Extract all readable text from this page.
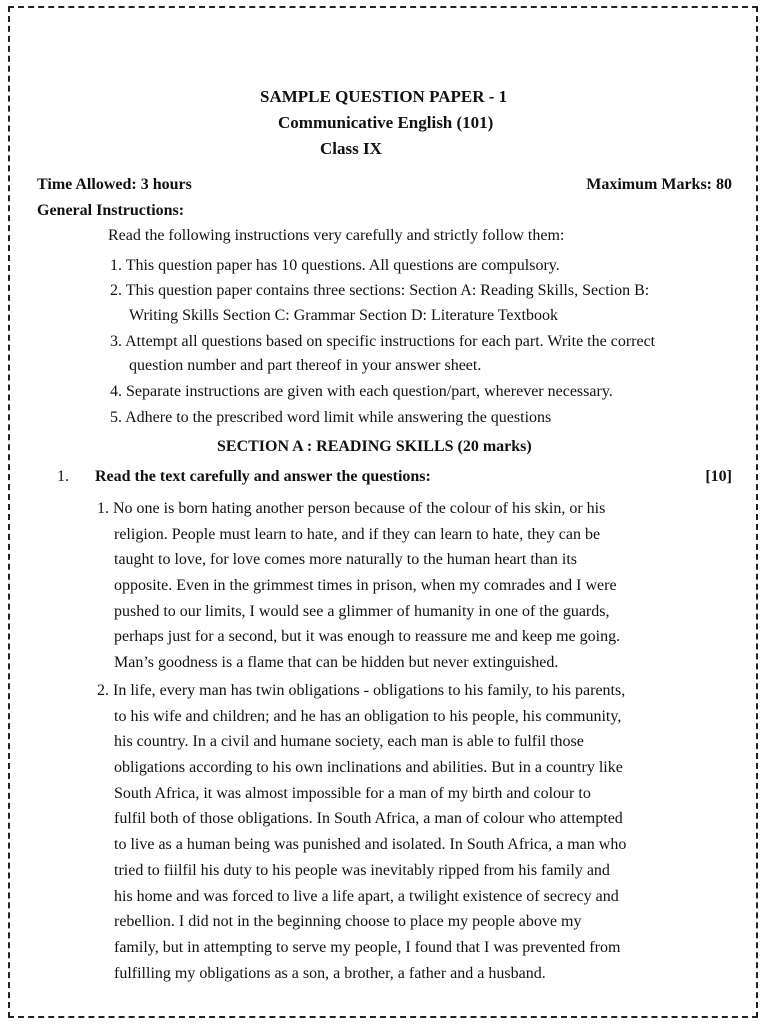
SAMPLE QUESTION PAPER - 1
Communicative English (101)
Class IX
Time Allowed: 3 hours	Maximum Marks: 80
General Instructions:
Read the following instructions very carefully and strictly follow them:
1. This question paper has 10 questions. All questions are compulsory.
2. This question paper contains three sections: Section A: Reading Skills, Section B:
Writing Skills Section C: Grammar Section D: Literature Textbook
3. Attempt all questions based on specific instructions for each part. Write the correct
question number and part thereof in your answer sheet.
4. Separate instructions are given with each question/part, wherever necessary.
5. Adhere to the prescribed word limit while answering the questions
SECTION A : READING SKILLS (20 marks)
1. Read the text carefully and answer the questions:	[10]
1. No one is born hating another person because of the colour of his skin, or his
religion. People must learn to hate, and if they can learn to hate, they can be
taught to love, for love comes more naturally to the human heart than its
opposite. Even in the grimmest times in prison, when my comrades and I were
pushed to our limits, I would see a glimmer of humanity in one of the guards,
perhaps just for a second, but it was enough to reassure me and keep me going.
Man’s goodness is a flame that can be hidden but never extinguished.
2. In life, every man has twin obligations - obligations to his family, to his parents,
to his wife and children; and he has an obligation to his people, his community,
his country. In a civil and humane society, each man is able to fulfil those
obligations according to his own inclinations and abilities. But in a country like
South Africa, it was almost impossible for a man of my birth and colour to
fulfil both of those obligations. In South Africa, a man of colour who attempted
to live as a human being was punished and isolated. In South Africa, a man who
tried to fiilfil his duty to his people was inevitably ripped from his family and
his home and was forced to live a life apart, a twilight existence of secrecy and
rebellion. I did not in the beginning choose to place my people above my
family, but in attempting to serve my people, I found that I was prevented from
fulfilling my obligations as a son, a brother, a father and a husband.
